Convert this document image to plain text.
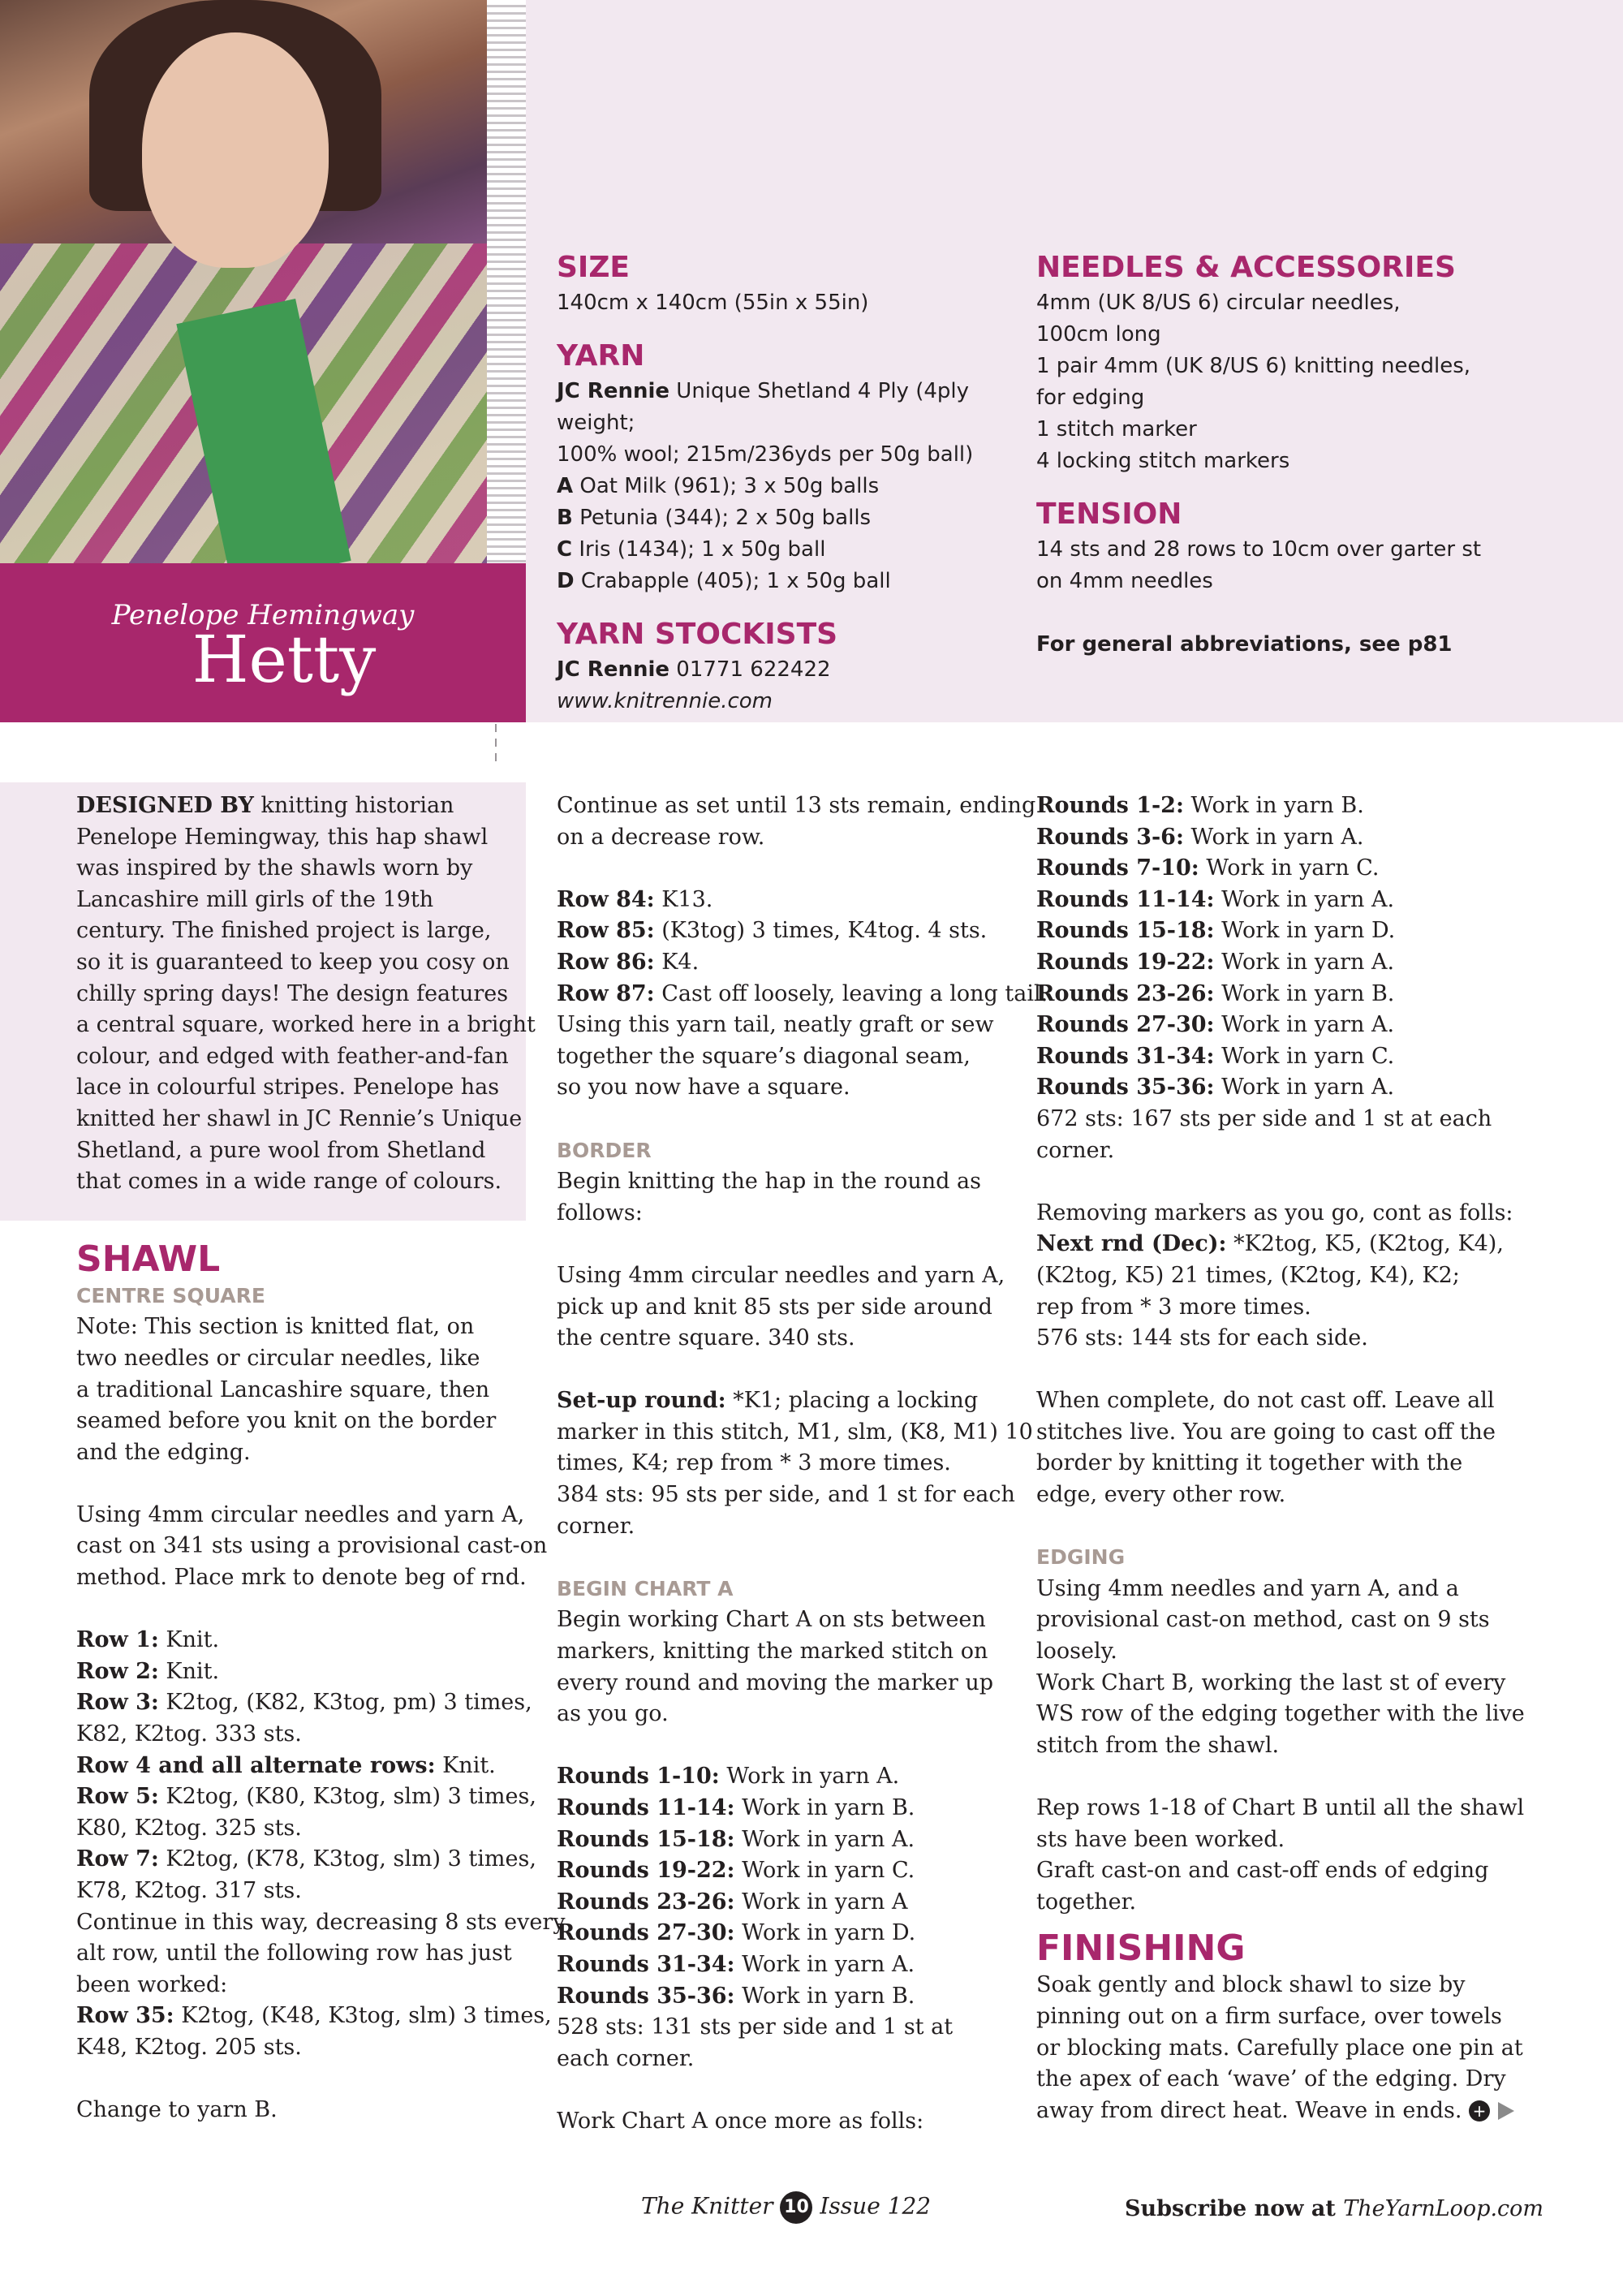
Penelope Hemingway
Hetty
SIZE

140cm x 140cm (55in x 55in)

YARN

JC Rennie Unique Shetland 4 Ply (4ply weight;

100% wool; 215m/236yds per 50g ball)

A Oat Milk (961); 3 x 50g balls

B Petunia (344); 2 x 50g balls

C Iris (1434); 1 x 50g ball

D Crabapple (405); 1 x 50g ball

YARN STOCKISTS

JC Rennie 01771 622422

www.knitrennie.com

NEEDLES & ACCESSORIES

4mm (UK 8/US 6) circular needles,

100cm long

1 pair 4mm (UK 8/US 6) knitting needles,

for edging

1 stitch marker

4 locking stitch markers

TENSION

14 sts and 28 rows to 10cm over garter st

on 4mm needles

For general abbreviations, see p81

DESIGNED BY knitting historian

Penelope Hemingway, this hap shawl

was inspired by the shawls worn by

Lancashire mill girls of the 19th

century. The finished project is large,

so it is guaranteed to keep you cosy on

chilly spring days! The design features

a central square, worked here in a bright

colour, and edged with feather-and-fan

lace in colourful stripes. Penelope has

knitted her shawl in JC Rennie’s Unique

Shetland, a pure wool from Shetland

that comes in a wide range of colours.

SHAWL

CENTRE SQUARE

Note: This section is knitted flat, on

two needles or circular needles, like

a traditional Lancashire square, then

seamed before you knit on the border

and the edging.

Using 4mm circular needles and yarn A,

cast on 341 sts using a provisional cast-on

method. Place mrk to denote beg of rnd.

Row 1: Knit.

Row 2: Knit.

Row 3: K2tog, (K82, K3tog, pm) 3 times,

K82, K2tog. 333 sts.

Row 4 and all alternate rows: Knit.

Row 5: K2tog, (K80, K3tog, slm) 3 times,

K80, K2tog. 325 sts.

Row 7: K2tog, (K78, K3tog, slm) 3 times,

K78, K2tog. 317 sts.

Continue in this way, decreasing 8 sts every

alt row, until the following row has just

been worked:

Row 35: K2tog, (K48, K3tog, slm) 3 times,

K48, K2tog. 205 sts.

Change to yarn B.

Continue as set until 13 sts remain, ending

on a decrease row.

Row 84: K13.

Row 85: (K3tog) 3 times, K4tog. 4 sts.

Row 86: K4.

Row 87: Cast off loosely, leaving a long tail.

Using this yarn tail, neatly graft or sew

together the square’s diagonal seam,

so you now have a square.

BORDER

Begin knitting the hap in the round as

follows:

Using 4mm circular needles and yarn A,

pick up and knit 85 sts per side around

the centre square. 340 sts.

Set-up round: *K1; placing a locking

marker in this stitch, M1, slm, (K8, M1) 10

times, K4; rep from * 3 more times.

384 sts: 95 sts per side, and 1 st for each

corner.

BEGIN CHART A

Begin working Chart A on sts between

markers, knitting the marked stitch on

every round and moving the marker up

as you go.

Rounds 1-10: Work in yarn A.

Rounds 11-14: Work in yarn B.

Rounds 15-18: Work in yarn A.

Rounds 19-22: Work in yarn C.

Rounds 23-26: Work in yarn A

Rounds 27-30: Work in yarn D.

Rounds 31-34: Work in yarn A.

Rounds 35-36: Work in yarn B.

528 sts: 131 sts per side and 1 st at

each corner.

Work Chart A once more as folls:

Rounds 1-2: Work in yarn B.

Rounds 3-6: Work in yarn A.

Rounds 7-10: Work in yarn C.

Rounds 11-14: Work in yarn A.

Rounds 15-18: Work in yarn D.

Rounds 19-22: Work in yarn A.

Rounds 23-26: Work in yarn B.

Rounds 27-30: Work in yarn A.

Rounds 31-34: Work in yarn C.

Rounds 35-36: Work in yarn A.

672 sts: 167 sts per side and 1 st at each

corner.

Removing markers as you go, cont as folls:

Next rnd (Dec): *K2tog, K5, (K2tog, K4),

(K2tog, K5) 21 times, (K2tog, K4), K2;

rep from * 3 more times.

576 sts: 144 sts for each side.

When complete, do not cast off. Leave all

stitches live. You are going to cast off the

border by knitting it together with the

edge, every other row.

EDGING

Using 4mm needles and yarn A, and a

provisional cast-on method, cast on 9 sts

loosely.

Work Chart B, working the last st of every

WS row of the edging together with the live

stitch from the shawl.

Rep rows 1-18 of Chart B until all the shawl

sts have been worked.

Graft cast-on and cast-off ends of edging

together.

FINISHING

Soak gently and block shawl to size by

pinning out on a firm surface, over towels

or blocking mats. Carefully place one pin at

the apex of each ‘wave’ of the edging. Dry

away from direct heat. Weave in ends. +

The Knitter 10 Issue 122	Subscribe now at TheYarnLoop.com
